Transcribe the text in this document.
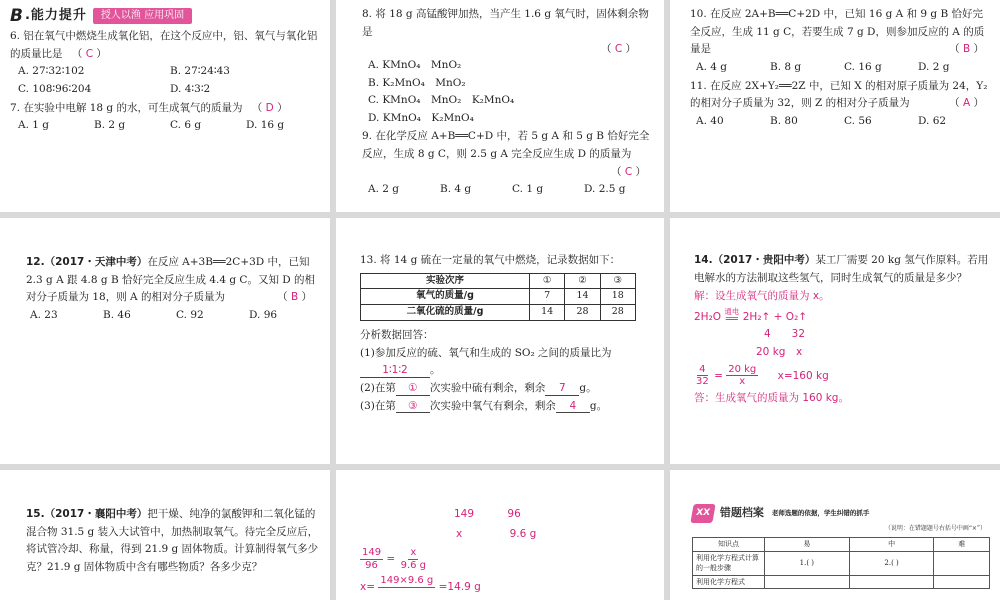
B .能力提升	授人以渔 应用巩固
6. 铝在氧气中燃烧生成氧化铝，在这个反应中，铝、氧气与氧化铝的质量比是 （ C ）
A. 27∶32∶102	B. 27∶24∶43
C. 108∶96∶204	D. 4∶3∶2
7. 在实验中电解 18 g 的水，可生成氧气的质量为 （ D ）
A. 1 g	B. 2 g	C. 6 g	D. 16 g
8. 将 18 g 高锰酸钾加热，当产生 1.6 g 氧气时，固体剩余物是
（ C ）
A. KMnO₄　MnO₂
B. K₂MnO₄　MnO₂
C. KMnO₄　MnO₂　K₂MnO₄
D. KMnO₄　K₂MnO₄
9. 在化学反应 A+B══C+D 中，若 5 g A 和 5 g B 恰好完全反应，生成 8 g C，则 2.5 g A 完全反应生成 D 的质量为
（ C ）
A. 2 g	B. 4 g	C. 1 g	D. 2.5 g
10. 在反应 2A+B══C+2D 中，已知 16 g A 和 9 g B 恰好完全反应，生成 11 g C，若要生成 7 g D，则参加反应的 A 的质量是	（ B ）
A. 4 g	B. 8 g	C. 16 g	D. 2 g
11. 在反应 2X+Y₂══2Z 中，已知 X 的相对原子质量为 24，Y₂ 的相对分子质量为 32，则 Z 的相对分子质量为	（ A ）
A. 40	B. 80	C. 56	D. 62
12.（2017・天津中考）在反应 A+3B══2C+3D 中，已知 2.3 g A 跟 4.8 g B 恰好完全反应生成 4.4 g C。又知 D 的相对分子质量为 18，则 A 的相对分子质量为	（ B ）
A. 23	B. 46	C. 92	D. 96
13. 将 14 g 硫在一定量的氧气中燃烧，记录数据如下：
实验次序	①	②	③
氧气的质量/g	7	14	18
二氧化硫的质量/g	14	28	28
分析数据回答：
(1)参加反应的硫、氧气和生成的 SO₂ 之间的质量比为 1∶1∶2 。
(2)在第 ① 次实验中硫有剩余，剩余 7 g。
(3)在第 ③ 次实验中氧气有剩余，剩余 4 g。
14.（2017・贵阳中考）某工厂需要 20 kg 氢气作原料。若用电解水的方法制取这些氢气，同时生成氧气的质量是多少？
解：设生成氧气的质量为 x。
2H₂O 通电
══ 2H₂↑ + O₂↑
4　　32
20 kg　x
$\frac{4}{32} = \frac{20 kg}{x} x=160$ kg
答：生成氧气的质量为 160 kg。
15.（2017・襄阳中考）把干燥、纯净的氯酸钾和二氧化锰的混合物 31.5 g 装入大试管中，加热制取氧气。待完全反应后，将试管冷却、称量，得到 21.9 g 固体物质。计算制得氧气多少克？21.9 g 固体物质中含有哪些物质？各多少克？
149	96
x	9.6 g
$\frac{149}{96} = \frac{x}{9.6 g}$
x=
149×9.6 g

=14.9 g
XX 错题档案 老师选题的依据，学生纠错的抓手
（说明：在错题题号右括号中画“×”）
知识点	易	中	难
利用化学方程式计算的一般步骤	1.( )	2.( )	
利用化学方程式			
